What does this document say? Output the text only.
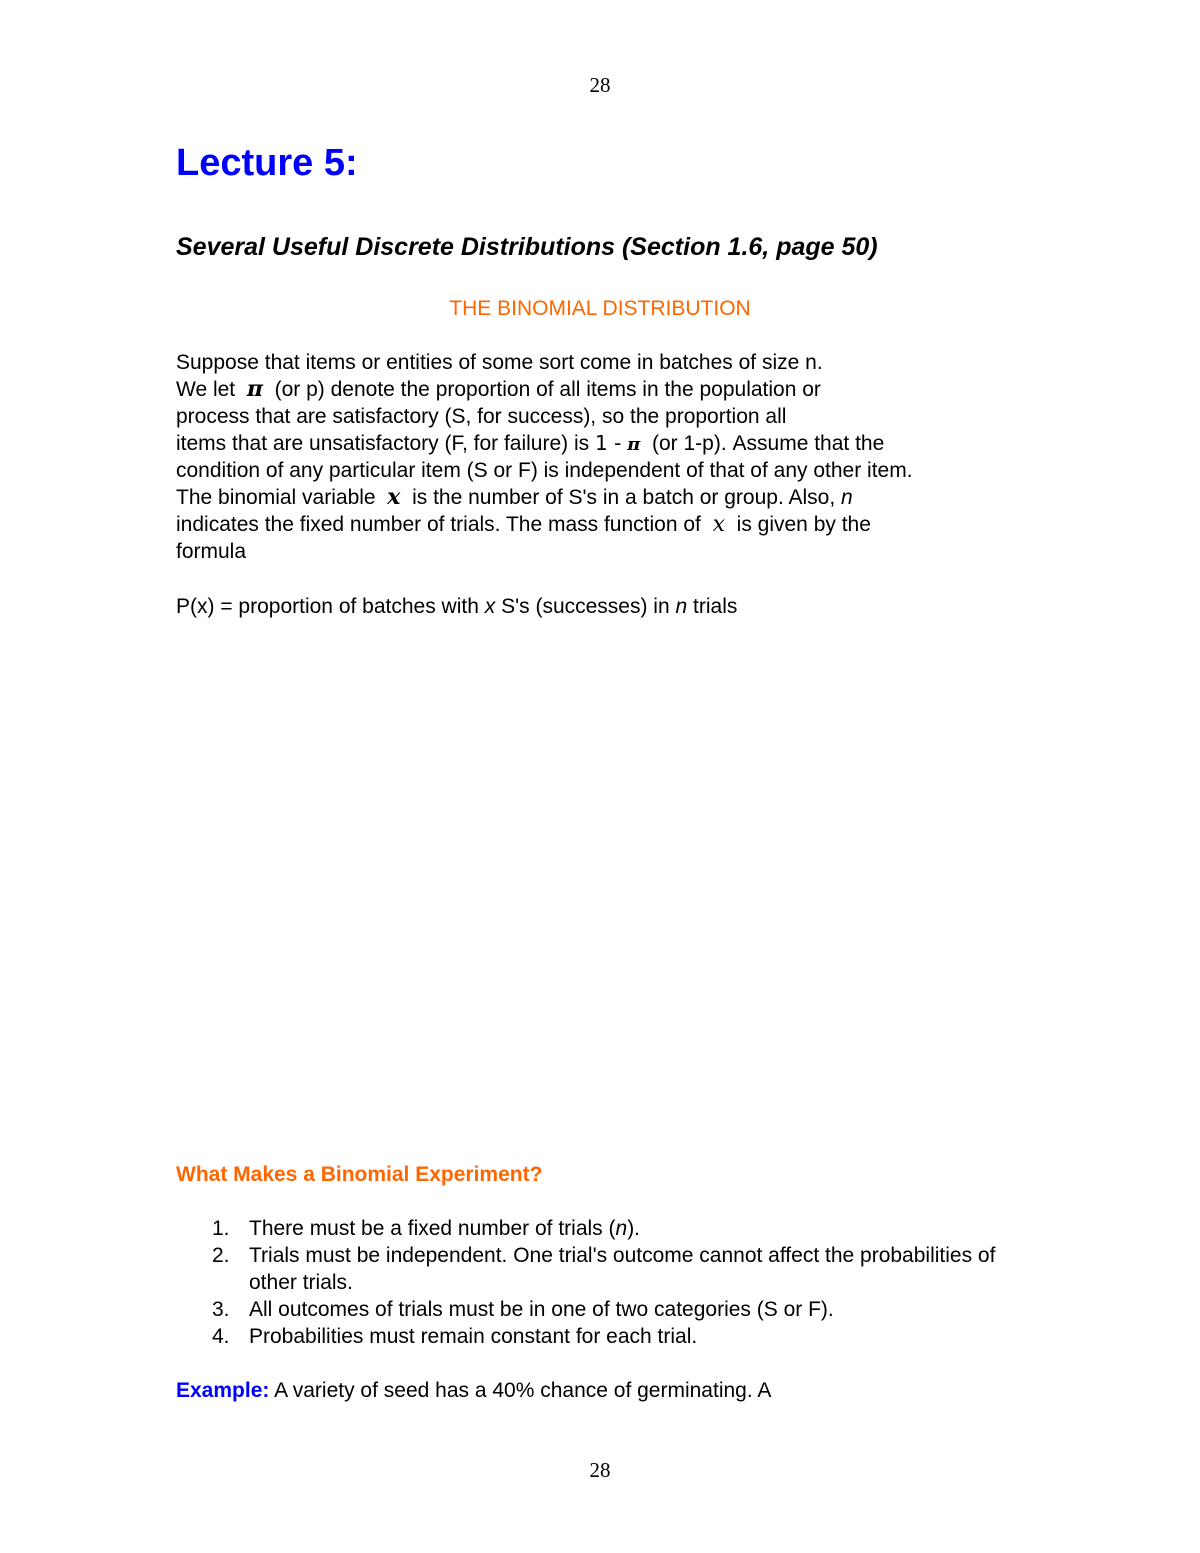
28
Lecture 5:
Several Useful Discrete Distributions (Section 1.6, page 50)
THE BINOMIAL DISTRIBUTION
Suppose that items or entities of some sort come in batches of size n.
We let π (or p) denote the proportion of all items in the population or
process that are satisfactory (S, for success), so the proportion all
items that are unsatisfactory (F, for failure) is 1 - π (or 1-p). Assume that the
condition of any particular item (S or F) is independent of that of any other item.
The binomial variable x is the number of S's in a batch or group. Also, n
indicates the fixed number of trials. The mass function of x is given by the
formula
P(x) = proportion of batches with x S's (successes) in n trials
What Makes a Binomial Experiment?
1. There must be a fixed number of trials (n).
2. Trials must be independent. One trial's outcome cannot affect the probabilities of other trials.
3. All outcomes of trials must be in one of two categories (S or F).
4. Probabilities must remain constant for each trial.
Example: A variety of seed has a 40% chance of germinating. A
28
